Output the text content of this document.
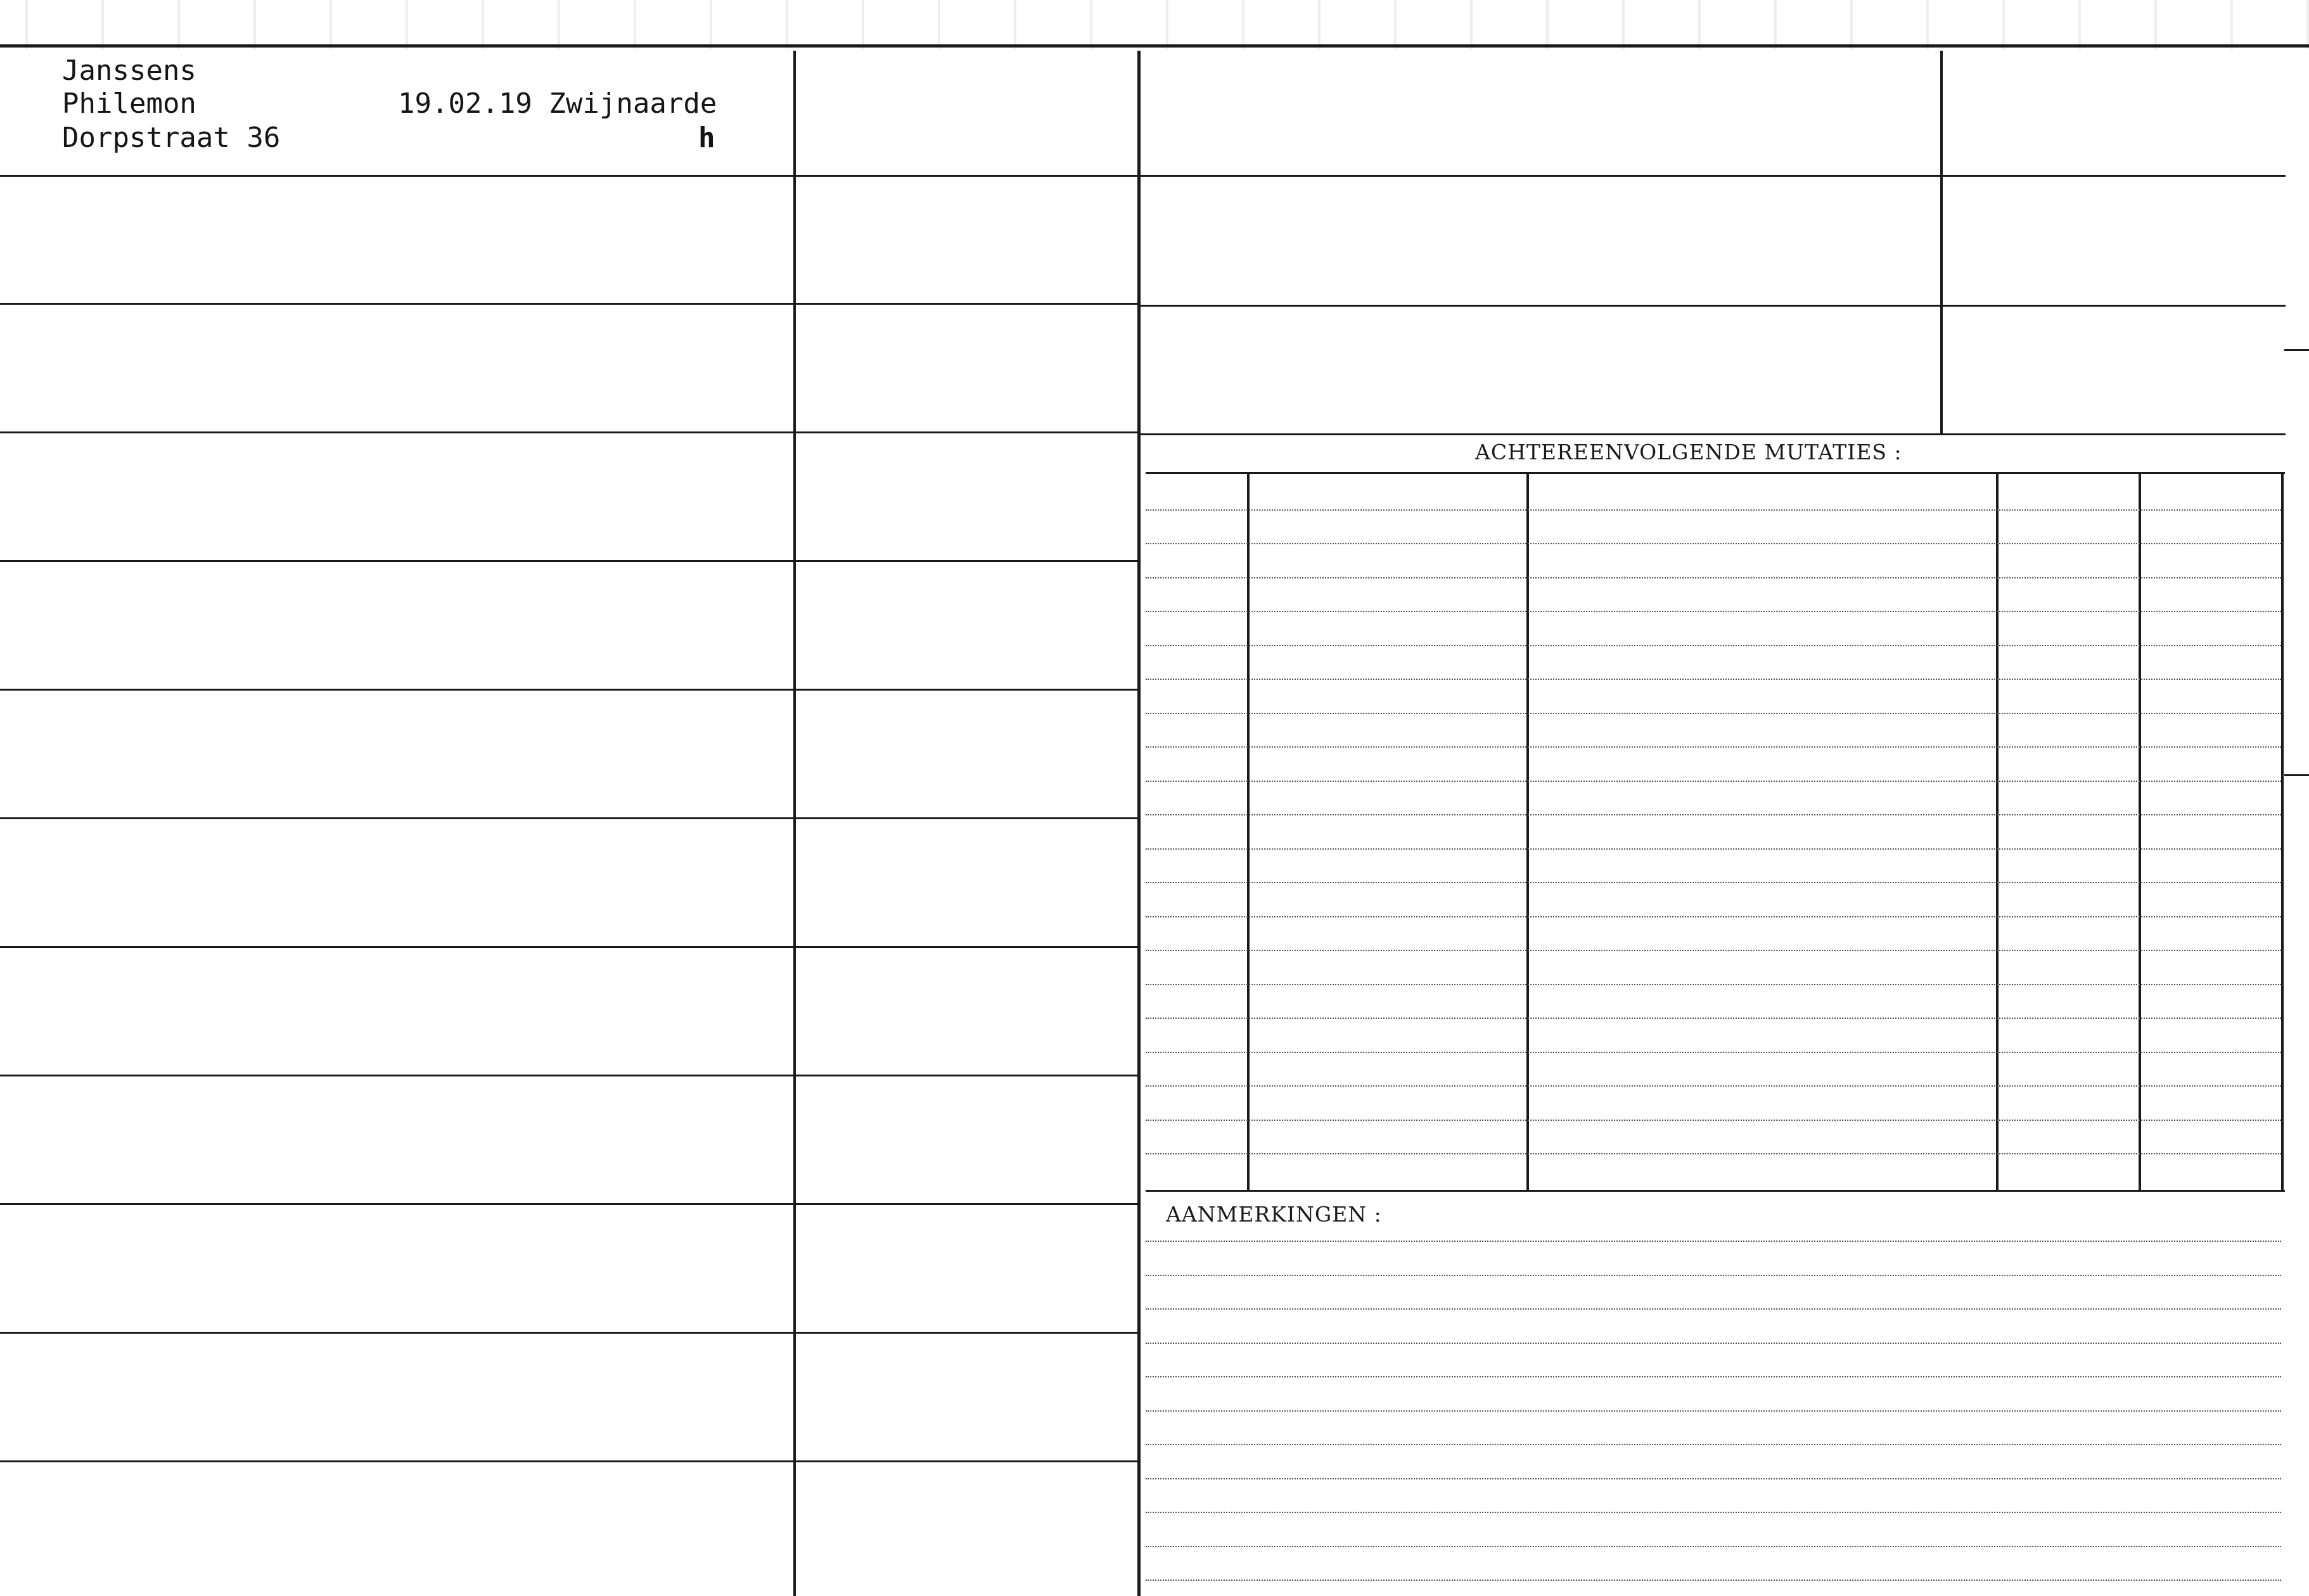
Janssens
Philemon
Dorpstraat 36
19.02.19 Zwijnaarde
h
ACHTEREENVOLGENDE MUTATIES :
AANMERKINGEN :
